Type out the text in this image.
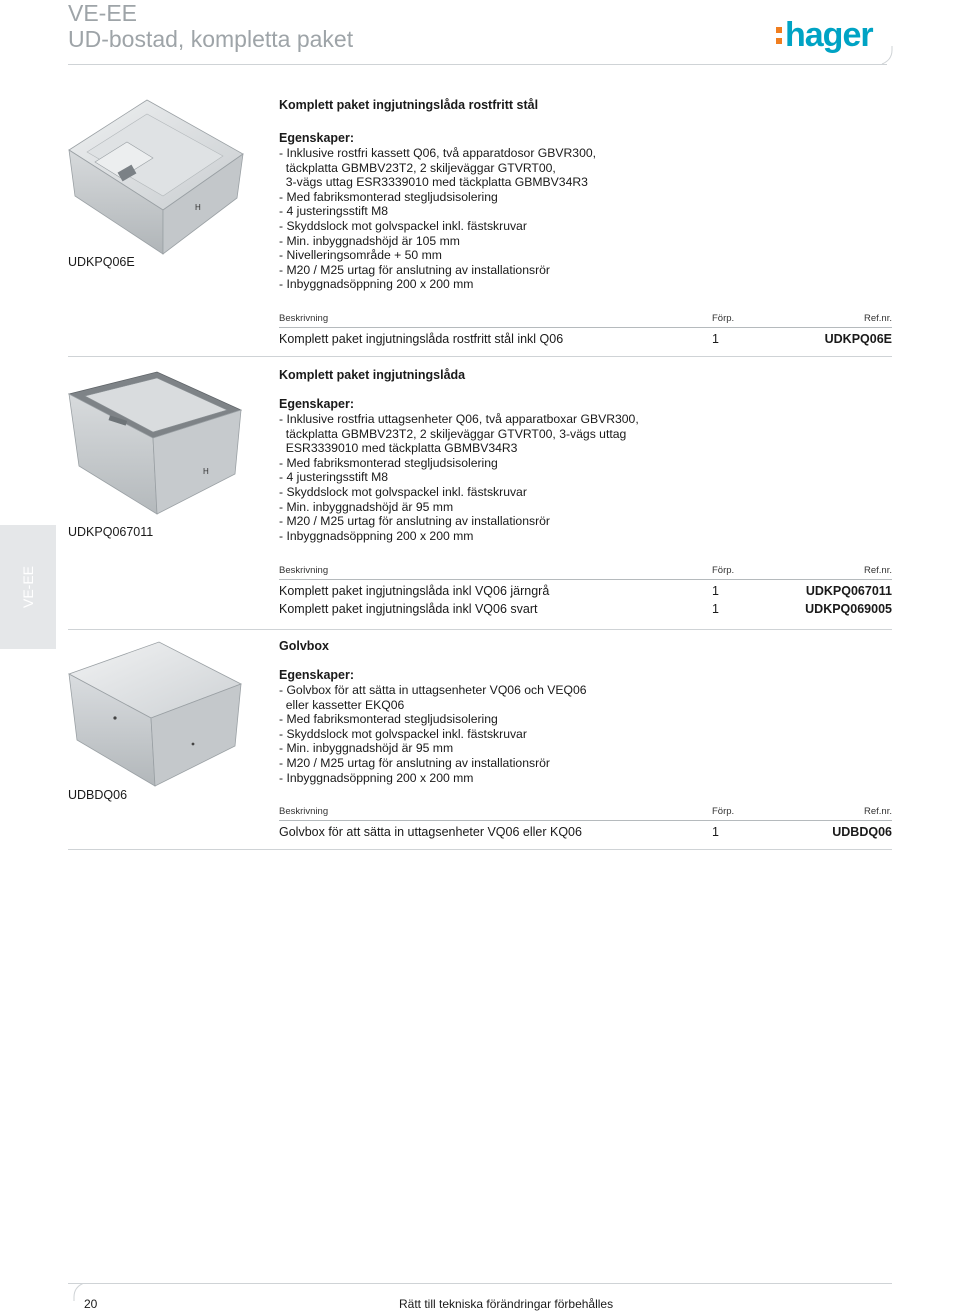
VE-EE
UD-bostad, kompletta paket	hager
VE-EE
H
UDKPQ06E
Komplett paket ingjutningslåda rostfritt stål
Egenskaper:
- Inklusive rostfri kassett Q06, två apparatdosor GBVR300,
täckplatta GBMBV23T2, 2 skiljeväggar GTVRT00,
3-vägs uttag ESR3339010 med täckplatta GBMBV34R3
- Med fabriksmonterad stegljudsisolering
- 4 justeringsstift M8
- Skyddslock mot golvspackel inkl. fästskruvar
- Min. inbyggnadshöjd är 105 mm
- Nivelleringsområde + 50 mm
- M20 / M25 urtag för anslutning av installationsrör
- Inbyggnadsöppning 200 x 200 mm
Beskrivning	Förp.	Ref.nr.
Komplett paket ingjutningslåda rostfritt stål inkl Q06	1	UDKPQ06E
H
UDKPQ067011
Komplett paket ingjutningslåda
Egenskaper:
- Inklusive rostfria uttagsenheter Q06, två apparatboxar GBVR300,
täckplatta GBMBV23T2, 2 skiljeväggar GTVRT00, 3-vägs uttag
ESR3339010 med täckplatta GBMBV34R3
- Med fabriksmonterad stegljudsisolering
- 4 justeringsstift M8
- Skyddslock mot golvspackel inkl. fästskruvar
- Min. inbyggnadshöjd är 95 mm
- M20 / M25 urtag för anslutning av installationsrör
- Inbyggnadsöppning 200 x 200 mm
Beskrivning	Förp.	Ref.nr.
Komplett paket ingjutningslåda inkl VQ06 järngrå	1	UDKPQ067011
Komplett paket ingjutningslåda inkl VQ06 svart	1	UDKPQ069005
UDBDQ06
Golvbox
Egenskaper:
- Golvbox för att sätta in uttagsenheter VQ06 och VEQ06
eller kassetter EKQ06
- Med fabriksmonterad stegljudsisolering
- Skyddslock mot golvspackel inkl. fästskruvar
- Min. inbyggnadshöjd är 95 mm
- M20 / M25 urtag för anslutning av installationsrör
- Inbyggnadsöppning 200 x 200 mm
Beskrivning	Förp.	Ref.nr.
Golvbox för att sätta in uttagsenheter VQ06 eller KQ06	1	UDBDQ06
20	Rätt till tekniska förändringar förbehålles
